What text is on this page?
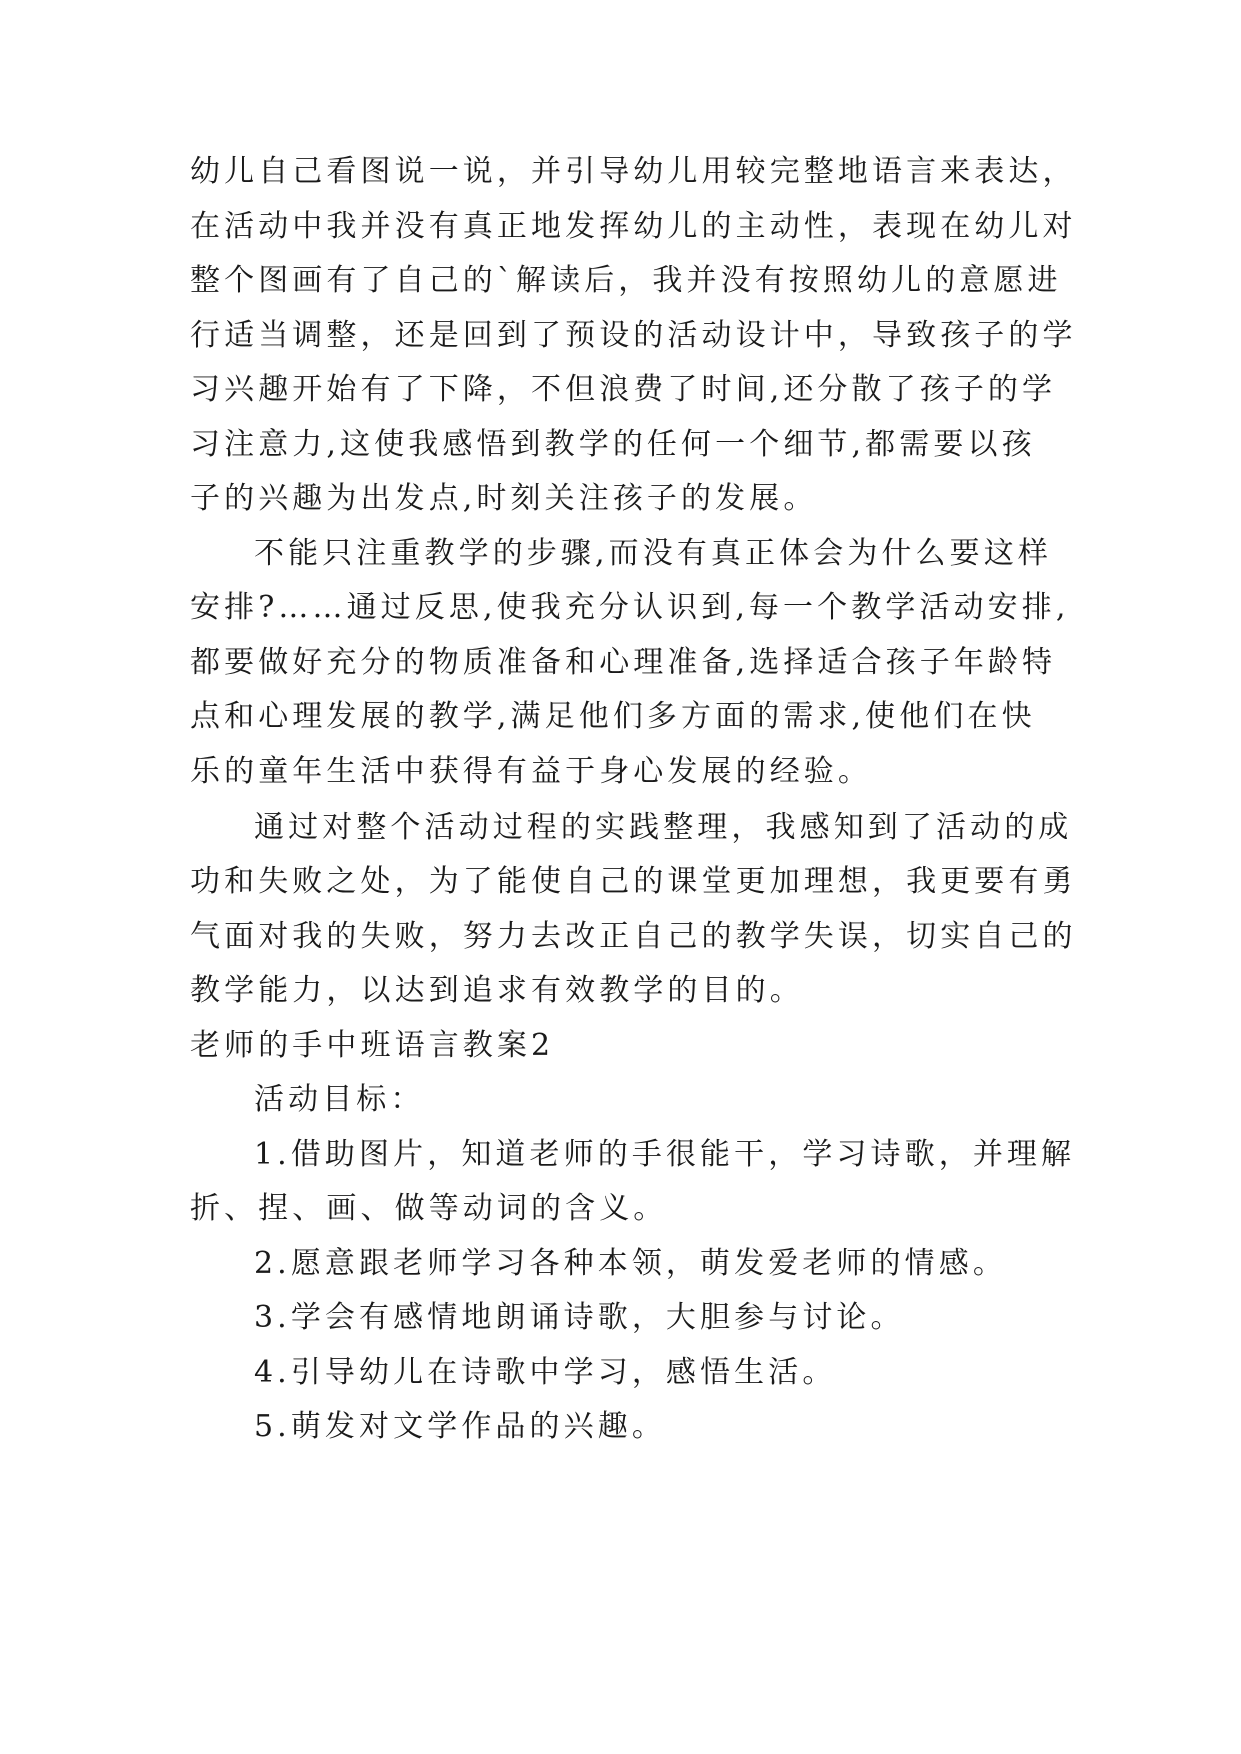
幼儿自己看图说一说，并引导幼儿用较完整地语言来表达，
在活动中我并没有真正地发挥幼儿的主动性，表现在幼儿对
整个图画有了自己的`解读后，我并没有按照幼儿的意愿进
行适当调整，还是回到了预设的活动设计中，导致孩子的学
习兴趣开始有了下降，不但浪费了时间,还分散了孩子的学
习注意力,这使我感悟到教学的任何一个细节,都需要以孩
子的兴趣为出发点,时刻关注孩子的发展。
不能只注重教学的步骤,而没有真正体会为什么要这样
安排?……通过反思,使我充分认识到,每一个教学活动安排,
都要做好充分的物质准备和心理准备,选择适合孩子年龄特
点和心理发展的教学,满足他们多方面的需求,使他们在快
乐的童年生活中获得有益于身心发展的经验。
通过对整个活动过程的实践整理，我感知到了活动的成
功和失败之处，为了能使自己的课堂更加理想，我更要有勇
气面对我的失败，努力去改正自己的教学失误，切实自己的
教学能力，以达到追求有效教学的目的。
老师的手中班语言教案2
活动目标：
1.借助图片，知道老师的手很能干，学习诗歌，并理解
折、捏、画、做等动词的含义。
2.愿意跟老师学习各种本领，萌发爱老师的情感。
3.学会有感情地朗诵诗歌，大胆参与讨论。
4.引导幼儿在诗歌中学习，感悟生活。
5.萌发对文学作品的兴趣。
